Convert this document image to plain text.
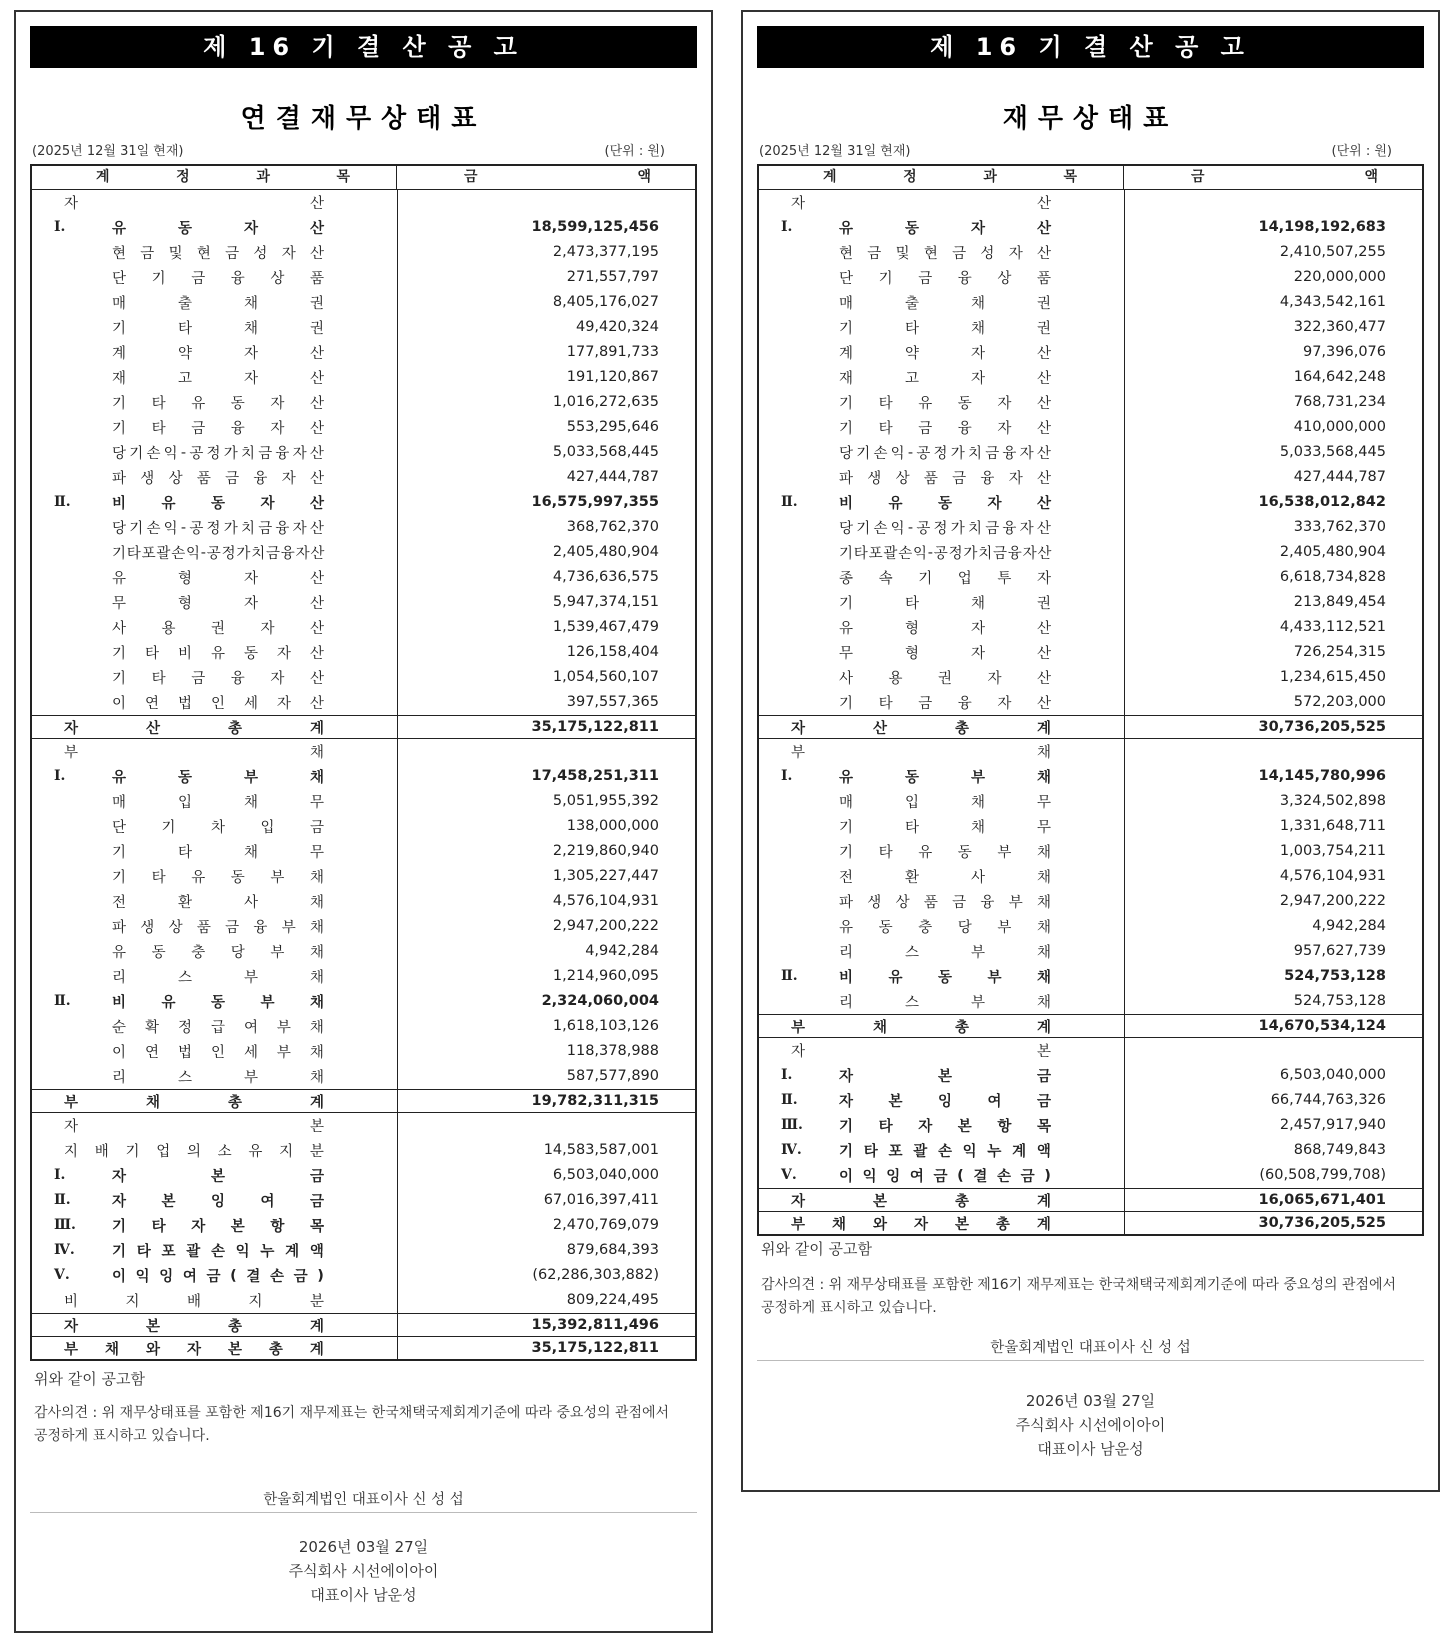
제 16 기 결 산 공 고
연결재무상태표
(2025년 12월 31일 현재)	(단위 : 원)
계	정	과	목	금	액
자	산
Ⅰ.	유	동	자	산	18,599,125,456
현 금 및 현 금 성 자 산	2,473,377,195
단 기 금 융 상 품	271,557,797
매	출	채	권	8,405,176,027
기	타	채	권	49,420,324
계	약	자	산	177,891,733
재	고	자	산	191,120,867
기 타 유 동 자 산	1,016,272,635
기 타 금 융 자 산	553,295,646
당 기 손 익 - 공 정 가 치 금 융 자 산	5,033,568,445
파 생 상 품 금 융 자 산	427,444,787
Ⅱ.	비 유 동 자 산	16,575,997,355
당 기 손 익 - 공 정 가 치 금 융 자 산	368,762,370
기 타 포 괄 손 익 - 공 정 가 치 금 융 자 산	2,405,480,904
유	형	자	산	4,736,636,575
무	형	자	산	5,947,374,151
사 용 권 자 산	1,539,467,479
기 타 비 유 동 자 산	126,158,404
기 타 금 융 자 산	1,054,560,107
이 연 법 인 세 자 산	397,557,365
자	산	총	계	35,175,122,811
부	채
Ⅰ.	유	동	부	채	17,458,251,311
매	입	채	무	5,051,955,392
단 기 차 입 금	138,000,000
기	타	채	무	2,219,860,940
기 타 유 동 부 채	1,305,227,447
전	환	사	채	4,576,104,931
파 생 상 품 금 융 부 채	2,947,200,222
유 동 충 당 부 채	4,942,284
리	스	부	채	1,214,960,095
Ⅱ.	비 유 동 부 채	2,324,060,004
순 확 정 급 여 부 채	1,618,103,126
이 연 법 인 세 부 채	118,378,988
리	스	부	채	587,577,890
부	채	총	계	19,782,311,315
자	본
지 배 기 업 의 소 유 지 분	14,583,587,001
Ⅰ.	자	본	금	6,503,040,000
Ⅱ.	자 본 잉 여 금	67,016,397,411
Ⅲ. 기 타 자 본 항 목	2,470,769,079
Ⅳ.	기 타 포 괄 손 익 누 계 액	879,684,393
Ⅴ.	이 익 잉 여 금 ( 결 손 금 )	(62,286,303,882)
비	지	배	지	분	809,224,495
자	본	총	계	15,392,811,496
부 채 와 자 본 총 계	35,175,122,811
위와 같이 공고함
감사의견 : 위 재무상태표를 포함한 제16기 재무제표는 한국채택국제회계기준에 따라 중요성의 관점에서 공정하게 표시하고 있습니다.
한울회계법인 대표이사 신 성 섭
2026년 03월 27일
주식회사 시선에이아이
대표이사 남운성
제 16 기 결 산 공 고
재무상태표
(2025년 12월 31일 현재)	(단위 : 원)
계	정	과	목	금	액
자	산
Ⅰ.	유	동	자	산	14,198,192,683
현 금 및 현 금 성 자 산	2,410,507,255
단 기 금 융 상 품	220,000,000
매	출	채	권	4,343,542,161
기	타	채	권	322,360,477
계	약	자	산	97,396,076
재	고	자	산	164,642,248
기 타 유 동 자 산	768,731,234
기 타 금 융 자 산	410,000,000
당 기 손 익 - 공 정 가 치 금 융 자 산	5,033,568,445
파 생 상 품 금 융 자 산	427,444,787
Ⅱ.	비 유 동 자 산	16,538,012,842
당 기 손 익 - 공 정 가 치 금 융 자 산	333,762,370
기 타 포 괄 손 익 - 공 정 가 치 금 융 자 산	2,405,480,904
종 속 기 업 투 자	6,618,734,828
기	타	채	권	213,849,454
유	형	자	산	4,433,112,521
무	형	자	산	726,254,315
사 용 권 자 산	1,234,615,450
기 타 금 융 자 산	572,203,000
자	산	총	계	30,736,205,525
부	채
Ⅰ.	유	동	부	채	14,145,780,996
매	입	채	무	3,324,502,898
기	타	채	무	1,331,648,711
기 타 유 동 부 채	1,003,754,211
전	환	사	채	4,576,104,931
파 생 상 품 금 융 부 채	2,947,200,222
유 동 충 당 부 채	4,942,284
리	스	부	채	957,627,739
Ⅱ.	비 유 동 부 채	524,753,128
리	스	부	채	524,753,128
부	채	총	계	14,670,534,124
자	본
Ⅰ.	자	본	금	6,503,040,000
Ⅱ.	자 본 잉 여 금	66,744,763,326
Ⅲ. 기 타 자 본 항 목	2,457,917,940
Ⅳ.	기 타 포 괄 손 익 누 계 액	868,749,843
Ⅴ.	이 익 잉 여 금 ( 결 손 금 )	(60,508,799,708)
자	본	총	계	16,065,671,401
부 채 와 자 본 총 계	30,736,205,525
위와 같이 공고함
감사의견 : 위 재무상태표를 포함한 제16기 재무제표는 한국채택국제회계기준에 따라 중요성의 관점에서 공정하게 표시하고 있습니다.
한울회계법인 대표이사 신 성 섭
2026년 03월 27일
주식회사 시선에이아이
대표이사 남운성
